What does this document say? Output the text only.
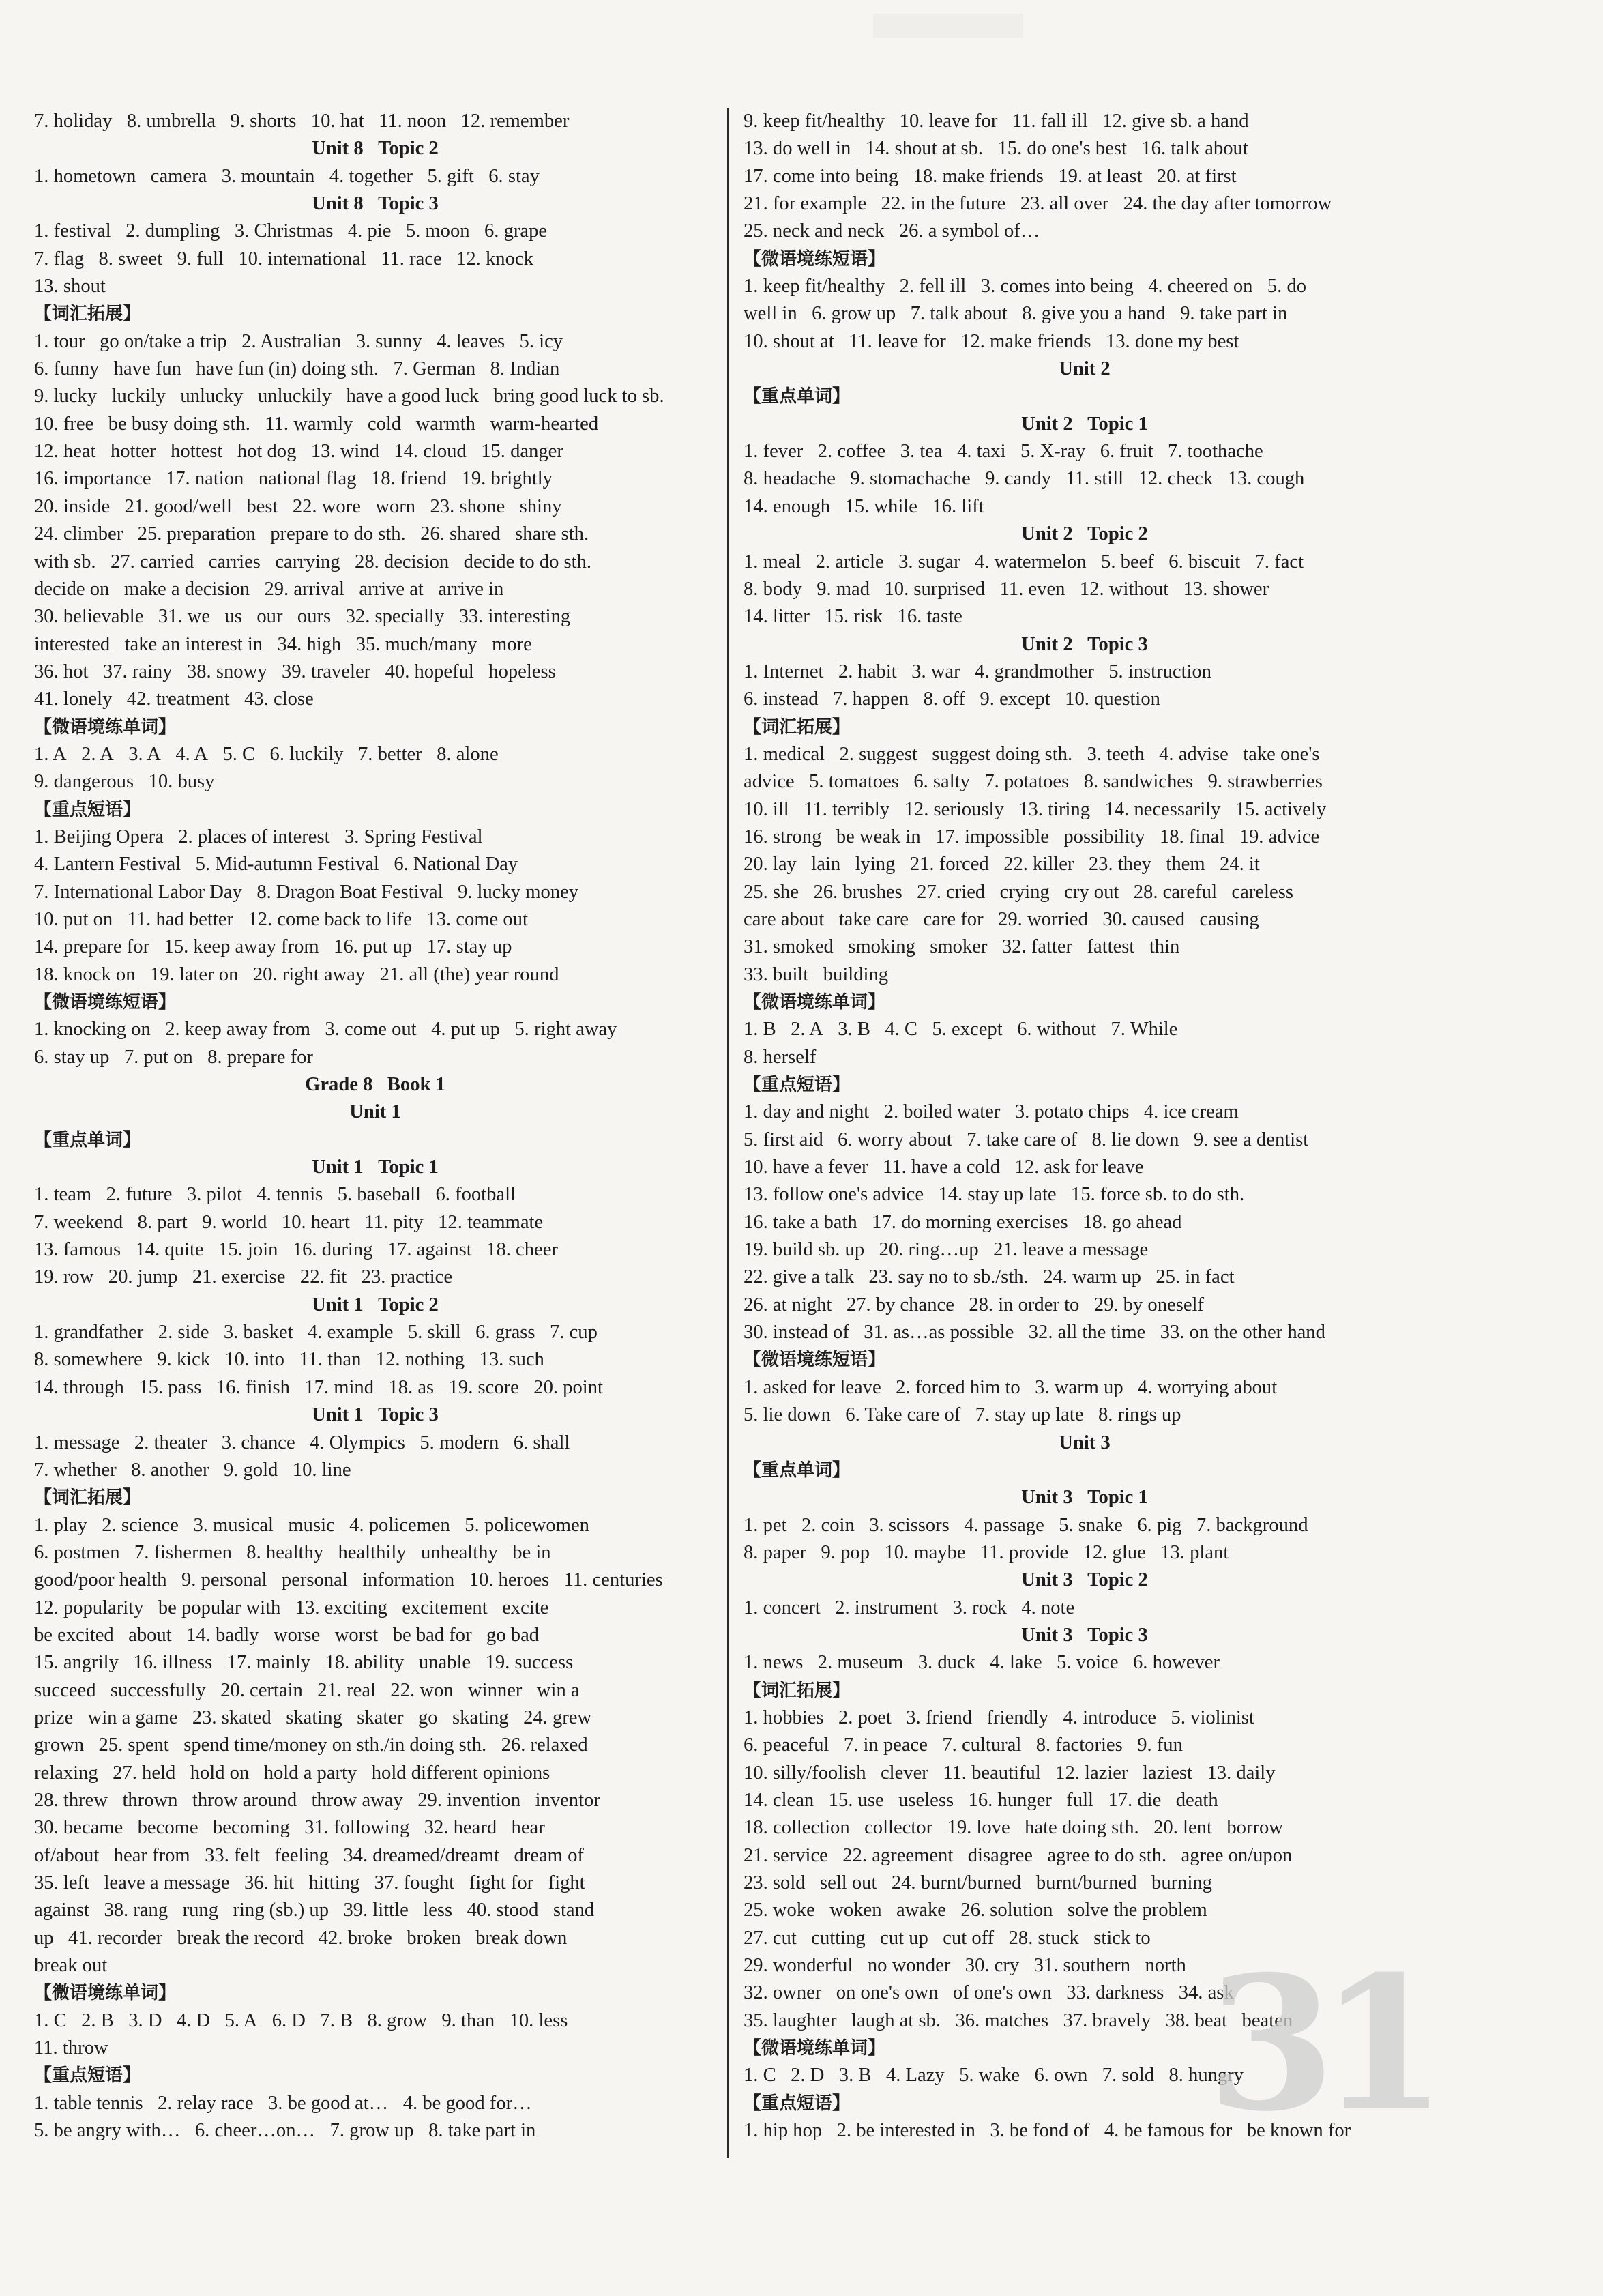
7. holiday   8. umbrella   9. shorts   10. hat   11. noon   12. remember
Unit 8   Topic 2
1. hometown   camera   3. mountain   4. together   5. gift   6. stay
Unit 8   Topic 3
1. festival   2. dumpling   3. Christmas   4. pie   5. moon   6. grape
7. flag   8. sweet   9. full   10. international   11. race   12. knock
13. shout
【词汇拓展】
1. tour   go on/take a trip   2. Australian   3. sunny   4. leaves   5. icy
6. funny   have fun   have fun (in) doing sth.   7. German   8. Indian
9. lucky   luckily   unlucky   unluckily   have a good luck   bring good luck to sb.
10. free   be busy doing sth.   11. warmly   cold   warmth   warm-hearted
12. heat   hotter   hottest   hot dog   13. wind   14. cloud   15. danger
16. importance   17. nation   national flag   18. friend   19. brightly
20. inside   21. good/well   best   22. wore   worn   23. shone   shiny
24. climber   25. preparation   prepare to do sth.   26. shared   share sth.
with sb.   27. carried   carries   carrying   28. decision   decide to do sth.
decide on   make a decision   29. arrival   arrive at   arrive in
30. believable   31. we   us   our   ours   32. specially   33. interesting
interested   take an interest in   34. high   35. much/many   more
36. hot   37. rainy   38. snowy   39. traveler   40. hopeful   hopeless
41. lonely   42. treatment   43. close
【微语境练单词】
1. A   2. A   3. A   4. A   5. C   6. luckily   7. better   8. alone
9. dangerous   10. busy
【重点短语】
1. Beijing Opera   2. places of interest   3. Spring Festival
4. Lantern Festival   5. Mid-autumn Festival   6. National Day
7. International Labor Day   8. Dragon Boat Festival   9. lucky money
10. put on   11. had better   12. come back to life   13. come out
14. prepare for   15. keep away from   16. put up   17. stay up
18. knock on   19. later on   20. right away   21. all (the) year round
【微语境练短语】
1. knocking on   2. keep away from   3. come out   4. put up   5. right away
6. stay up   7. put on   8. prepare for
Grade 8   Book 1
Unit 1
【重点单词】
Unit 1   Topic 1
1. team   2. future   3. pilot   4. tennis   5. baseball   6. football
7. weekend   8. part   9. world   10. heart   11. pity   12. teammate
13. famous   14. quite   15. join   16. during   17. against   18. cheer
19. row   20. jump   21. exercise   22. fit   23. practice
Unit 1   Topic 2
1. grandfather   2. side   3. basket   4. example   5. skill   6. grass   7. cup
8. somewhere   9. kick   10. into   11. than   12. nothing   13. such
14. through   15. pass   16. finish   17. mind   18. as   19. score   20. point
Unit 1   Topic 3
1. message   2. theater   3. chance   4. Olympics   5. modern   6. shall
7. whether   8. another   9. gold   10. line
【词汇拓展】
1. play   2. science   3. musical   music   4. policemen   5. policewomen
6. postmen   7. fishermen   8. healthy   healthily   unhealthy   be in
good/poor health   9. personal   personal   information   10. heroes   11. centuries
12. popularity   be popular with   13. exciting   excitement   excite
be excited   about   14. badly   worse   worst   be bad for   go bad
15. angrily   16. illness   17. mainly   18. ability   unable   19. success
succeed   successfully   20. certain   21. real   22. won   winner   win a
prize   win a game   23. skated   skating   skater   go   skating   24. grew
grown   25. spent   spend time/money on sth./in doing sth.   26. relaxed
relaxing   27. held   hold on   hold a party   hold different opinions
28. threw   thrown   throw around   throw away   29. invention   inventor
30. became   become   becoming   31. following   32. heard   hear
of/about   hear from   33. felt   feeling   34. dreamed/dreamt   dream of
35. left   leave a message   36. hit   hitting   37. fought   fight for   fight
against   38. rang   rung   ring (sb.) up   39. little   less   40. stood   stand
up   41. recorder   break the record   42. broke   broken   break down
break out
【微语境练单词】
1. C   2. B   3. D   4. D   5. A   6. D   7. B   8. grow   9. than   10. less
11. throw
【重点短语】
1. table tennis   2. relay race   3. be good at…   4. be good for…
5. be angry with…   6. cheer…on…   7. grow up   8. take part in
9. keep fit/healthy   10. leave for   11. fall ill   12. give sb. a hand
13. do well in   14. shout at sb.   15. do one's best   16. talk about
17. come into being   18. make friends   19. at least   20. at first
21. for example   22. in the future   23. all over   24. the day after tomorrow
25. neck and neck   26. a symbol of…
【微语境练短语】
1. keep fit/healthy   2. fell ill   3. comes into being   4. cheered on   5. do
well in   6. grow up   7. talk about   8. give you a hand   9. take part in
10. shout at   11. leave for   12. make friends   13. done my best
Unit 2
【重点单词】
Unit 2   Topic 1
1. fever   2. coffee   3. tea   4. taxi   5. X-ray   6. fruit   7. toothache
8. headache   9. stomachache   9. candy   11. still   12. check   13. cough
14. enough   15. while   16. lift
Unit 2   Topic 2
1. meal   2. article   3. sugar   4. watermelon   5. beef   6. biscuit   7. fact
8. body   9. mad   10. surprised   11. even   12. without   13. shower
14. litter   15. risk   16. taste
Unit 2   Topic 3
1. Internet   2. habit   3. war   4. grandmother   5. instruction
6. instead   7. happen   8. off   9. except   10. question
【词汇拓展】
1. medical   2. suggest   suggest doing sth.   3. teeth   4. advise   take one's
advice   5. tomatoes   6. salty   7. potatoes   8. sandwiches   9. strawberries
10. ill   11. terribly   12. seriously   13. tiring   14. necessarily   15. actively
16. strong   be weak in   17. impossible   possibility   18. final   19. advice
20. lay   lain   lying   21. forced   22. killer   23. they   them   24. it
25. she   26. brushes   27. cried   crying   cry out   28. careful   careless
care about   take care   care for   29. worried   30. caused   causing
31. smoked   smoking   smoker   32. fatter   fattest   thin
33. built   building
【微语境练单词】
1. B   2. A   3. B   4. C   5. except   6. without   7. While
8. herself
【重点短语】
1. day and night   2. boiled water   3. potato chips   4. ice cream
5. first aid   6. worry about   7. take care of   8. lie down   9. see a dentist
10. have a fever   11. have a cold   12. ask for leave
13. follow one's advice   14. stay up late   15. force sb. to do sth.
16. take a bath   17. do morning exercises   18. go ahead
19. build sb. up   20. ring…up   21. leave a message
22. give a talk   23. say no to sb./sth.   24. warm up   25. in fact
26. at night   27. by chance   28. in order to   29. by oneself
30. instead of   31. as…as possible   32. all the time   33. on the other hand
【微语境练短语】
1. asked for leave   2. forced him to   3. warm up   4. worrying about
5. lie down   6. Take care of   7. stay up late   8. rings up
Unit 3
【重点单词】
Unit 3   Topic 1
1. pet   2. coin   3. scissors   4. passage   5. snake   6. pig   7. background
8. paper   9. pop   10. maybe   11. provide   12. glue   13. plant
Unit 3   Topic 2
1. concert   2. instrument   3. rock   4. note
Unit 3   Topic 3
1. news   2. museum   3. duck   4. lake   5. voice   6. however
【词汇拓展】
1. hobbies   2. poet   3. friend   friendly   4. introduce   5. violinist
6. peaceful   7. in peace   7. cultural   8. factories   9. fun
10. silly/foolish   clever   11. beautiful   12. lazier   laziest   13. daily
14. clean   15. use   useless   16. hunger   full   17. die   death
18. collection   collector   19. love   hate doing sth.   20. lent   borrow
21. service   22. agreement   disagree   agree to do sth.   agree on/upon
23. sold   sell out   24. burnt/burned   burnt/burned   burning
25. woke   woken   awake   26. solution   solve the problem
27. cut   cutting   cut up   cut off   28. stuck   stick to
29. wonderful   no wonder   30. cry   31. southern   north
32. owner   on one's own   of one's own   33. darkness   34. ask
35. laughter   laugh at sb.   36. matches   37. bravely   38. beat   beaten
【微语境练单词】
1. C   2. D   3. B   4. Lazy   5. wake   6. own   7. sold   8. hungry
【重点短语】
1. hip hop   2. be interested in   3. be fond of   4. be famous for   be known for
31
